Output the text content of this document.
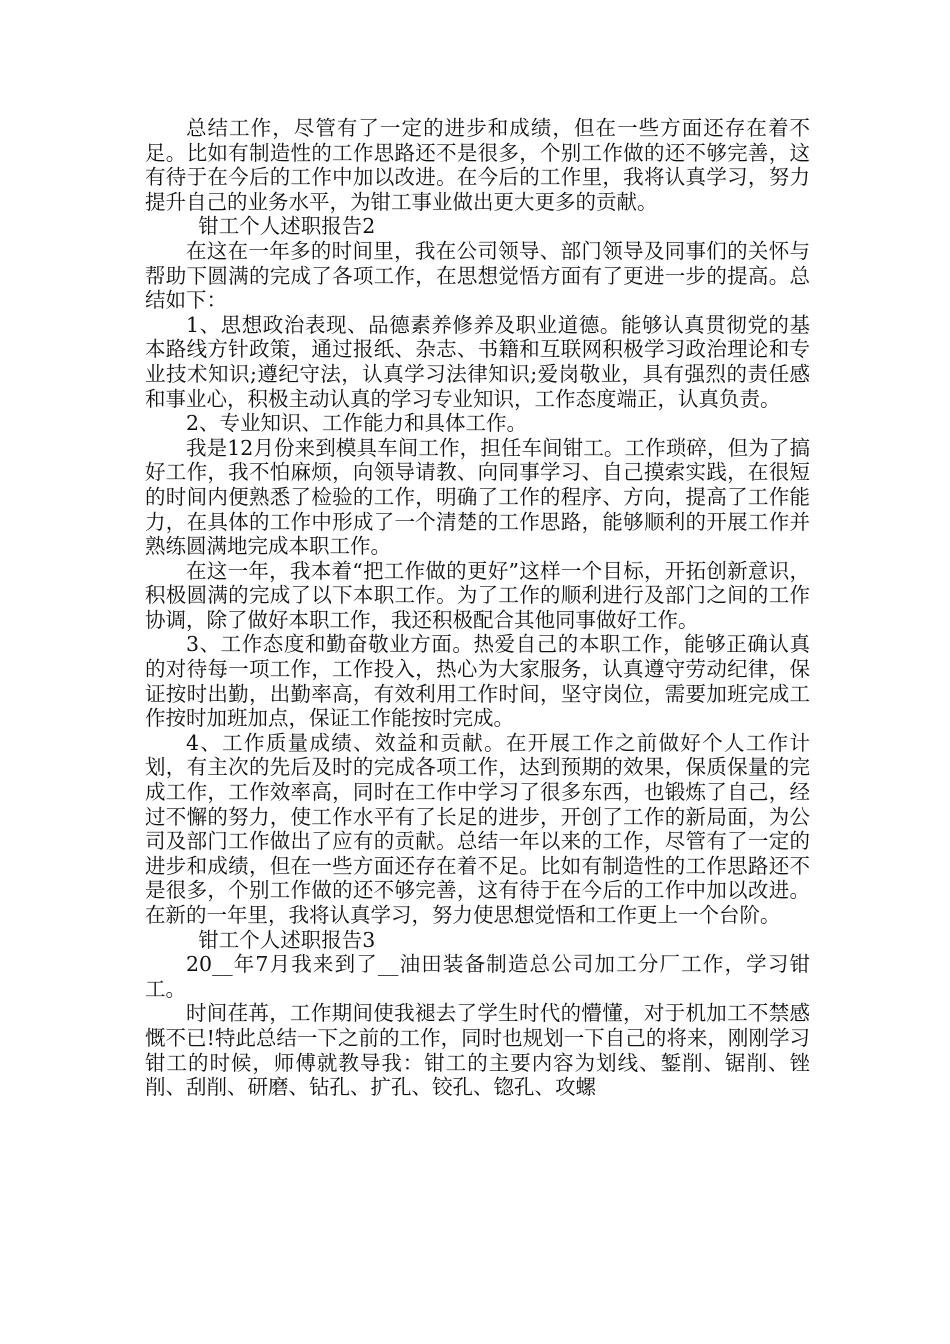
总结工作，尽管有了一定的进步和成绩，但在一些方面还存在着不足。比如有制造性的工作思路还不是很多，个别工作做的还不够完善，这有待于在今后的工作中加以改进。在今后的工作里，我将认真学习，努力提升自己的业务水平，为钳工事业做出更大更多的贡献。

钳工个人述职报告2

在这在一年多的时间里，我在公司领导、部门领导及同事们的关怀与帮助下圆满的完成了各项工作，在思想觉悟方面有了更进一步的提高。总结如下：

1、思想政治表现、品德素养修养及职业道德。能够认真贯彻党的基本路线方针政策，通过报纸、杂志、书籍和互联网积极学习政治理论和专业技术知识;遵纪守法，认真学习法律知识;爱岗敬业，具有强烈的责任感和事业心，积极主动认真的学习专业知识，工作态度端正，认真负责。

2、专业知识、工作能力和具体工作。

我是12月份来到模具车间工作，担任车间钳工。工作琐碎，但为了搞好工作，我不怕麻烦，向领导请教、向同事学习、自己摸索实践，在很短的时间内便熟悉了检验的工作，明确了工作的程序、方向，提高了工作能力，在具体的工作中形成了一个清楚的工作思路，能够顺利的开展工作并熟练圆满地完成本职工作。

在这一年，我本着“把工作做的更好”这样一个目标，开拓创新意识，积极圆满的完成了以下本职工作。为了工作的顺利进行及部门之间的工作协调，除了做好本职工作，我还积极配合其他同事做好工作。

3、工作态度和勤奋敬业方面。热爱自己的本职工作，能够正确认真的对待每一项工作，工作投入，热心为大家服务，认真遵守劳动纪律，保证按时出勤，出勤率高，有效利用工作时间，坚守岗位，需要加班完成工作按时加班加点，保证工作能按时完成。

4、工作质量成绩、效益和贡献。在开展工作之前做好个人工作计划，有主次的先后及时的完成各项工作，达到预期的效果，保质保量的完成工作，工作效率高，同时在工作中学习了很多东西，也锻炼了自己，经过不懈的努力，使工作水平有了长足的进步，开创了工作的新局面，为公司及部门工作做出了应有的贡献。总结一年以来的工作，尽管有了一定的进步和成绩，但在一些方面还存在着不足。比如有制造性的工作思路还不是很多，个别工作做的还不够完善，这有待于在今后的工作中加以改进。在新的一年里，我将认真学习，努力使思想觉悟和工作更上一个台阶。

钳工个人述职报告3

20__年7月我来到了__油田装备制造总公司加工分厂工作，学习钳工。

时间荏苒，工作期间使我褪去了学生时代的懵懂，对于机加工不禁感慨不已!特此总结一下之前的工作，同时也规划一下自己的将来，刚刚学习钳工的时候，师傅就教导我：钳工的主要内容为划线、錾削、锯削、锉削、刮削、研磨、钻孔、扩孔、铰孔、锪孔、攻螺
